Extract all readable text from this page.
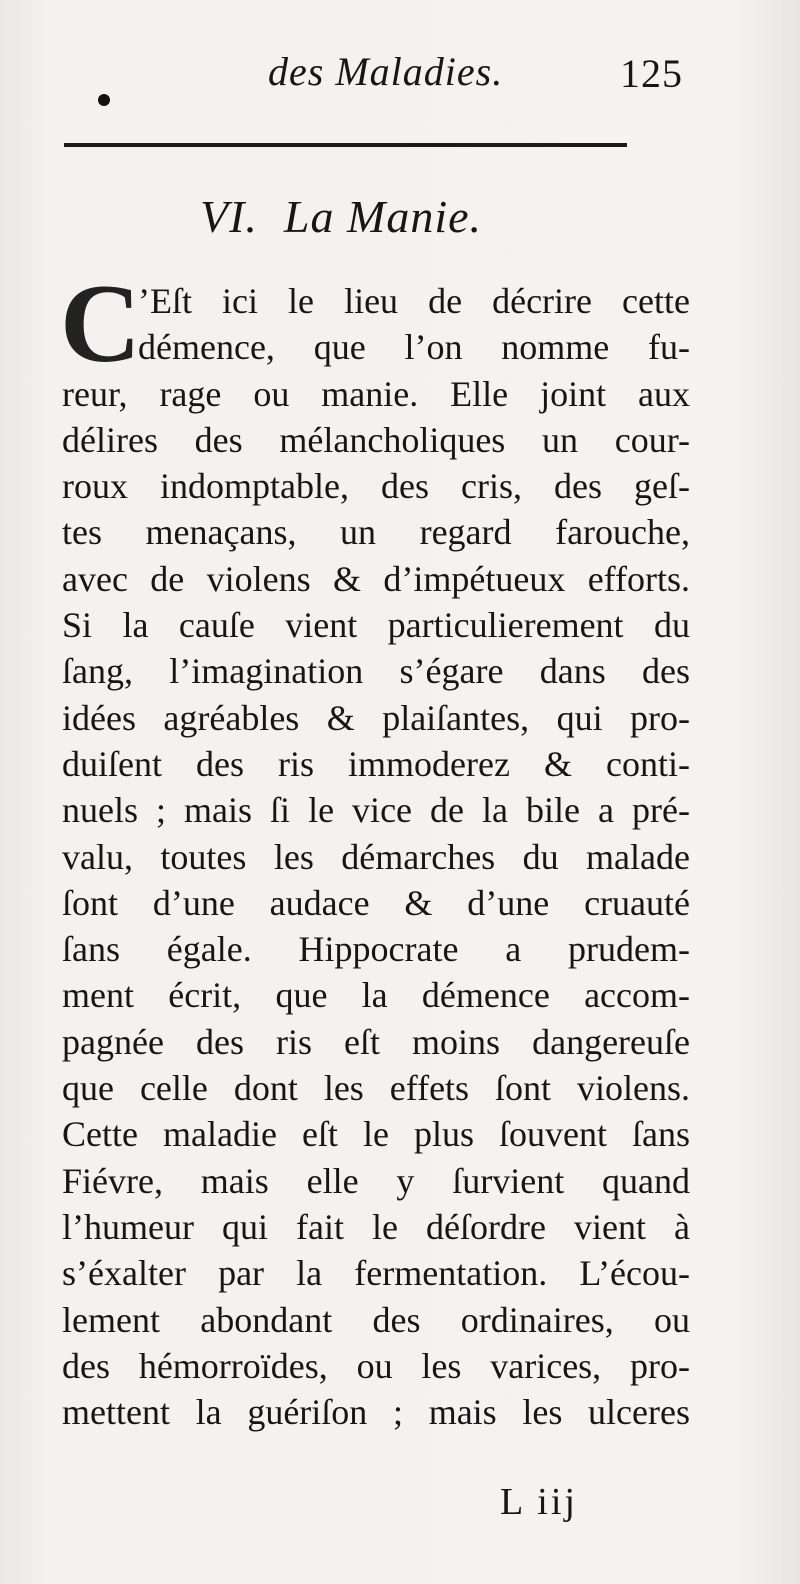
des Maladies.	125
VI. La Manie.
C
’Eſt ici le lieu de décrire cette
démence, que l’on nomme fu-
reur, rage ou manie. Elle joint aux
délires des mélancholiques un cour-
roux indomptable, des cris, des geſ-
tes menaçans, un regard farouche,
avec de violens & d’impétueux efforts.
Si la cauſe vient particulierement du
ſang, l’imagination s’égare dans des
idées agréables & plaiſantes, qui pro-
duiſent des ris immoderez & conti-
nuels ; mais ſi le vice de la bile a pré-
valu, toutes les démarches du malade
ſont d’une audace & d’une cruauté
ſans égale. Hippocrate a prudem-
ment écrit, que la démence accom-
pagnée des ris eſt moins dangereuſe
que celle dont les effets ſont violens.
Cette maladie eſt le plus ſouvent ſans
Fiévre, mais elle y ſurvient quand
l’humeur qui fait le déſordre vient à
s’éxalter par la fermentation. L’écou-
lement abondant des ordinaires, ou
des hémorroïdes, ou les varices, pro-
mettent la guériſon ; mais les ulceres
L iij
